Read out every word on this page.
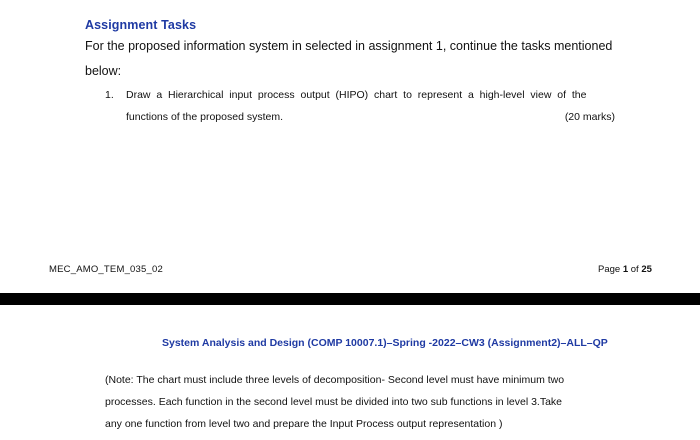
Assignment Tasks
For the proposed information system in selected in assignment 1, continue the tasks mentioned
below:
1. Draw  a  Hierarchical  input  process  output  (HIPO)  chart  to  represent  a  high-level  view  of  the
functions of the proposed system.	(20 marks)
MEC_AMO_TEM_035_02	Page 1 of 25
System Analysis and Design (COMP 10007.1)–Spring -2022–CW3 (Assignment2)–ALL–QP
(Note: The chart must include three levels of decomposition- Second level must have minimum two
processes. Each function in the second level must be divided into two sub functions in level 3.Take
any one function from level two and prepare the Input Process output representation )
